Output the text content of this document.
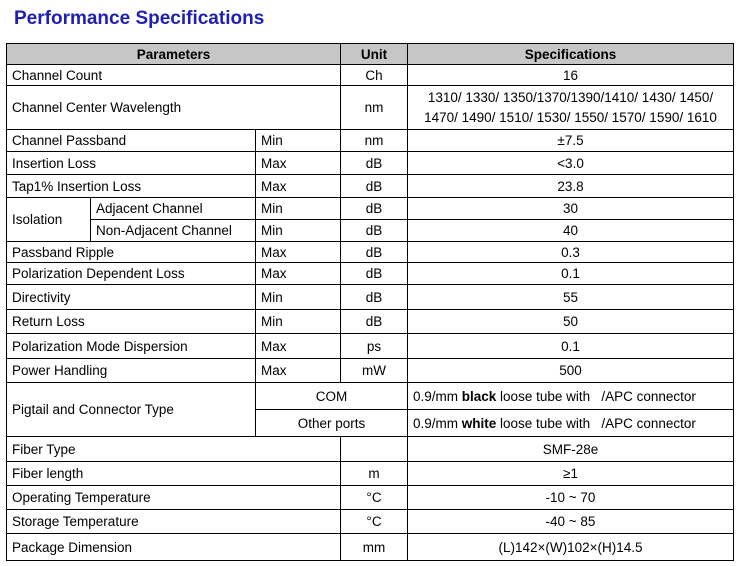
Performance Specifications
Parameters			Unit	Specifications
Channel Count			Ch	16
Channel Center Wavelength			nm	1310/ 1330/ 1350/1370/1390/1410/ 1430/ 1450/
1470/ 1490/ 1510/ 1530/ 1550/ 1570/ 1590/ 1610

Channel Passband		Min	nm	±7.5
Insertion Loss		Max	dB	<3.0
Tap1% Insertion Loss		Max	dB	23.8
Isolation	Adjacent Channel	Min	dB	30
	Non-Adjacent Channel	Min	dB	40
Passband Ripple		Max	dB	0.3
Polarization Dependent Loss		Max	dB	0.1
Directivity		Min	dB	55
Return Loss		Min	dB	50
Polarization Mode Dispersion		Max	ps	0.1
Power Handling		Max	mW	500
Pigtail and Connector Type		COM		0.9/mm black loose tube with   /APC connector
		Other ports		0.9/mm white loose tube with   /APC connector
Fiber Type				SMF-28e
Fiber length			m	≥1
Operating Temperature			°C	-10 ~ 70
Storage Temperature			°C	-40 ~ 85
Package Dimension			mm	(L)142×(W)102×(H)14.5
